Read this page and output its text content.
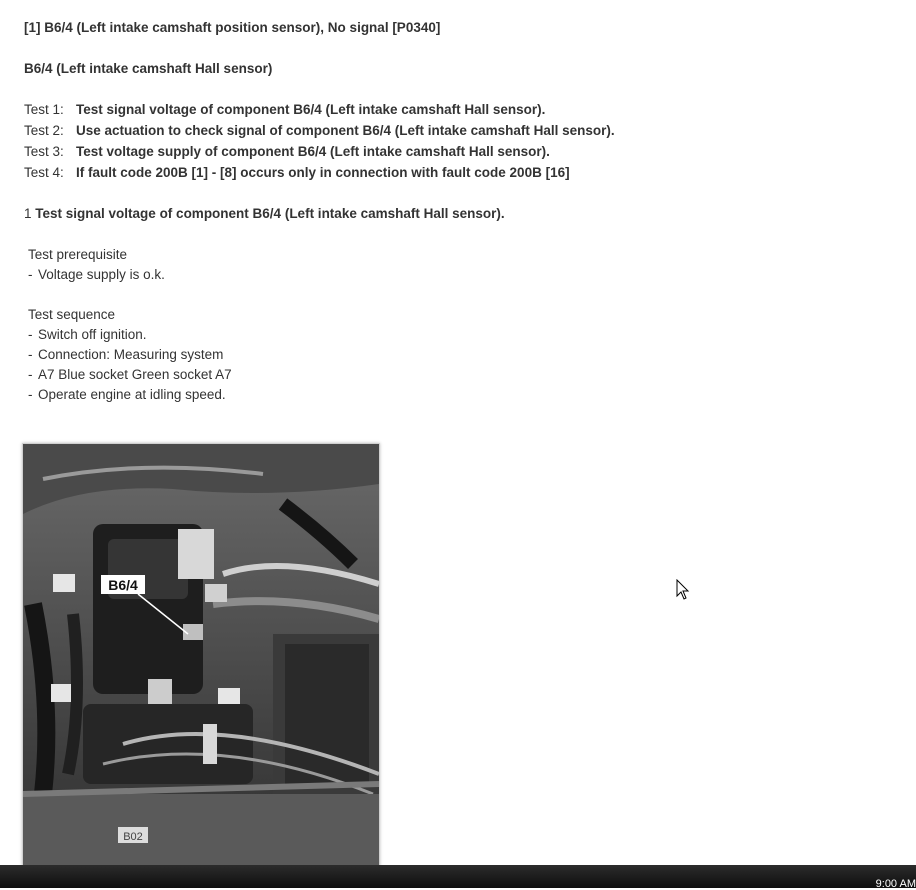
[1] B6/4 (Left intake camshaft position sensor), No signal [P0340]
B6/4 (Left intake camshaft Hall sensor)
Test 1: Test signal voltage of component B6/4 (Left intake camshaft Hall sensor).
Test 2: Use actuation to check signal of component B6/4 (Left intake camshaft Hall sensor).
Test 3: Test voltage supply of component B6/4 (Left intake camshaft Hall sensor).
Test 4: If fault code 200B [1] - [8] occurs only in connection with fault code 200B [16]
1 Test signal voltage of component B6/4 (Left intake camshaft Hall sensor).
Test prerequisite
- Voltage supply is o.k.
Test sequence
- Switch off ignition.
- Connection: Measuring system
- A7 Blue socket Green socket A7
- Operate engine at idling speed.
B6/4
B02
9:00 AM
